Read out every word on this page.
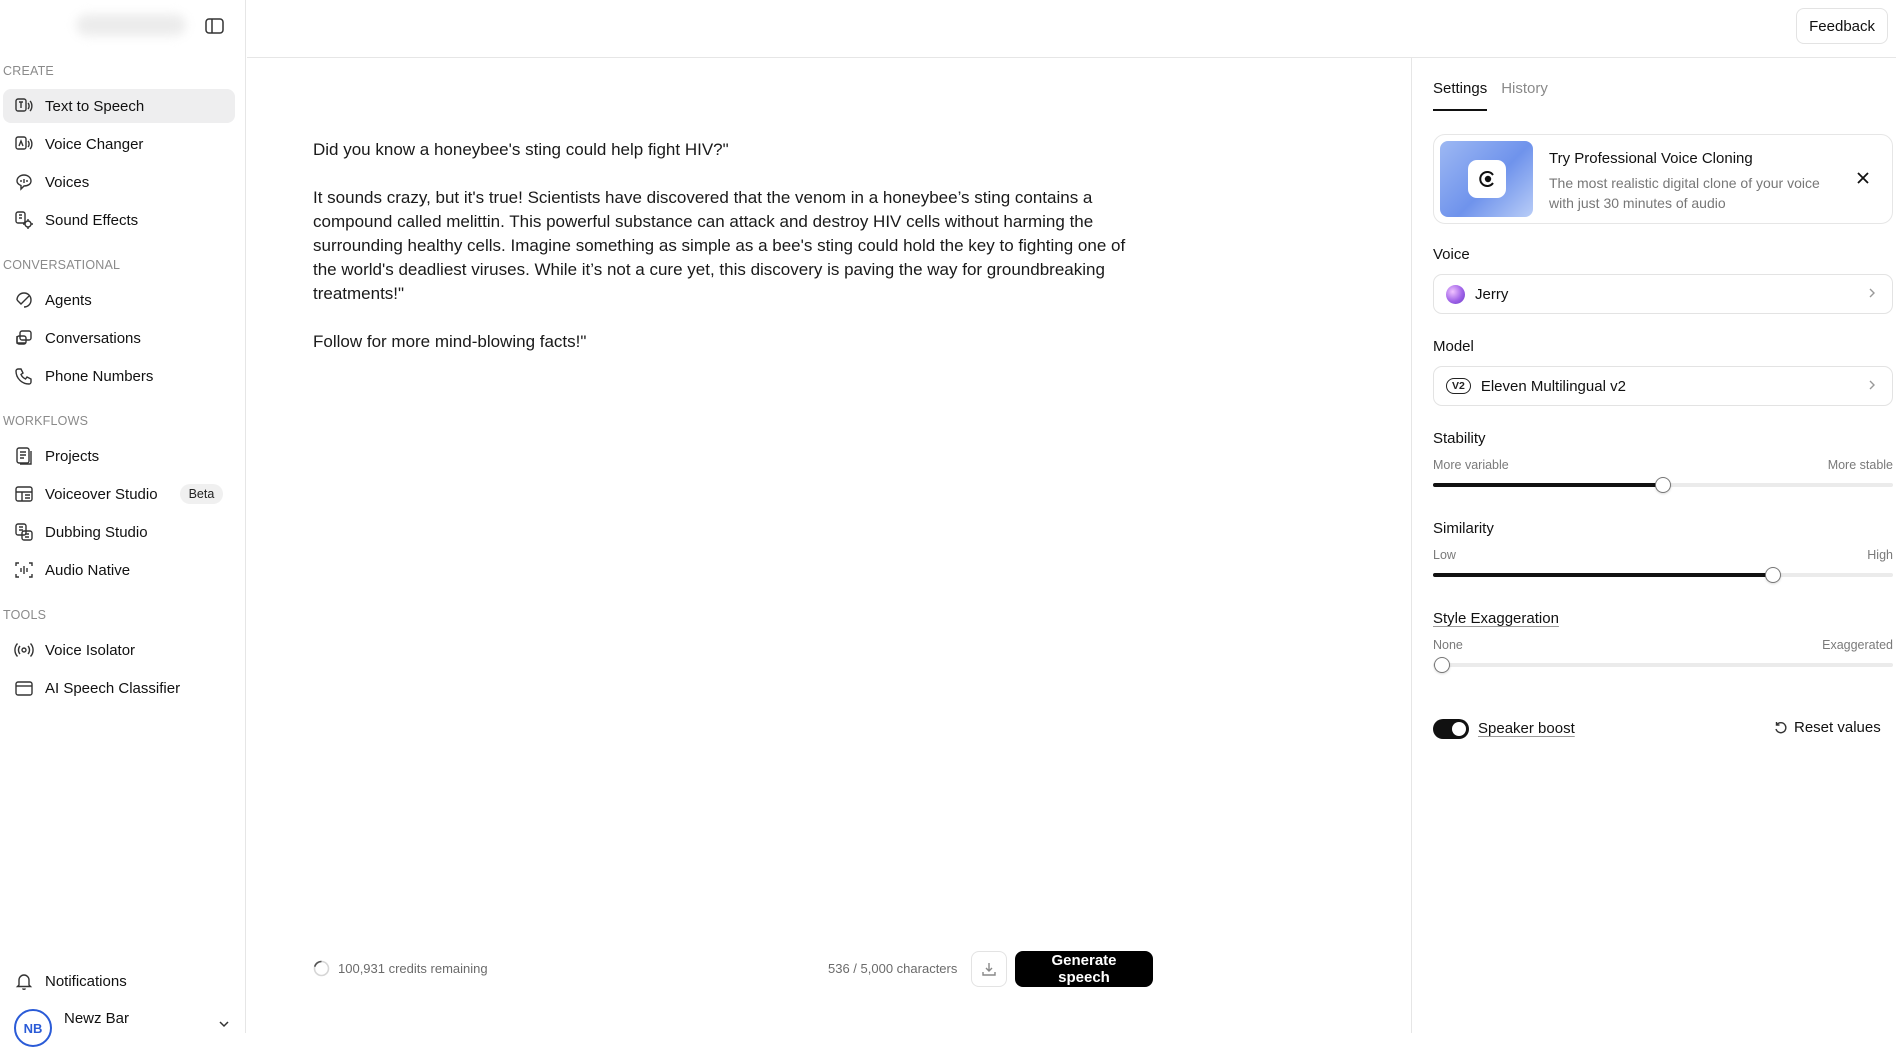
CREATE
Text to Speech
Voice Changer
Voices
Sound Effects
CONVERSATIONAL
Agents
Conversations
Phone Numbers
WORKFLOWS
Projects
Voiceover Studio	Beta
Dubbing Studio
Audio Native
TOOLS
Voice Isolator
AI Speech Classifier
Notifications
NB
Newz Bar
Feedback

Did you know a honeybee's sting could help fight HIV?"

It sounds crazy, but it's true! Scientists have discovered that the venom in a honeybee’s sting contains a compound called melittin. This powerful substance can attack and destroy HIV cells without harming the surrounding healthy cells. Imagine something as simple as a bee's sting could hold the key to fighting one of the world's deadliest viruses. While it’s not a cure yet, this discovery is paving the way for groundbreaking treatments!"

Follow for more mind-blowing facts!"

100,931 credits remaining	536 / 5,000 characters	Generate speech
Settings History
Try Professional Voice Cloning
The most realistic digital clone of your voice with just 30 minutes of audio
Voice
Jerry
Model
V2	Eleven Multilingual v2
Stability
More variable	More stable
Similarity
Low	High
Style Exaggeration
None	Exaggerated
Speaker boost	Reset values
